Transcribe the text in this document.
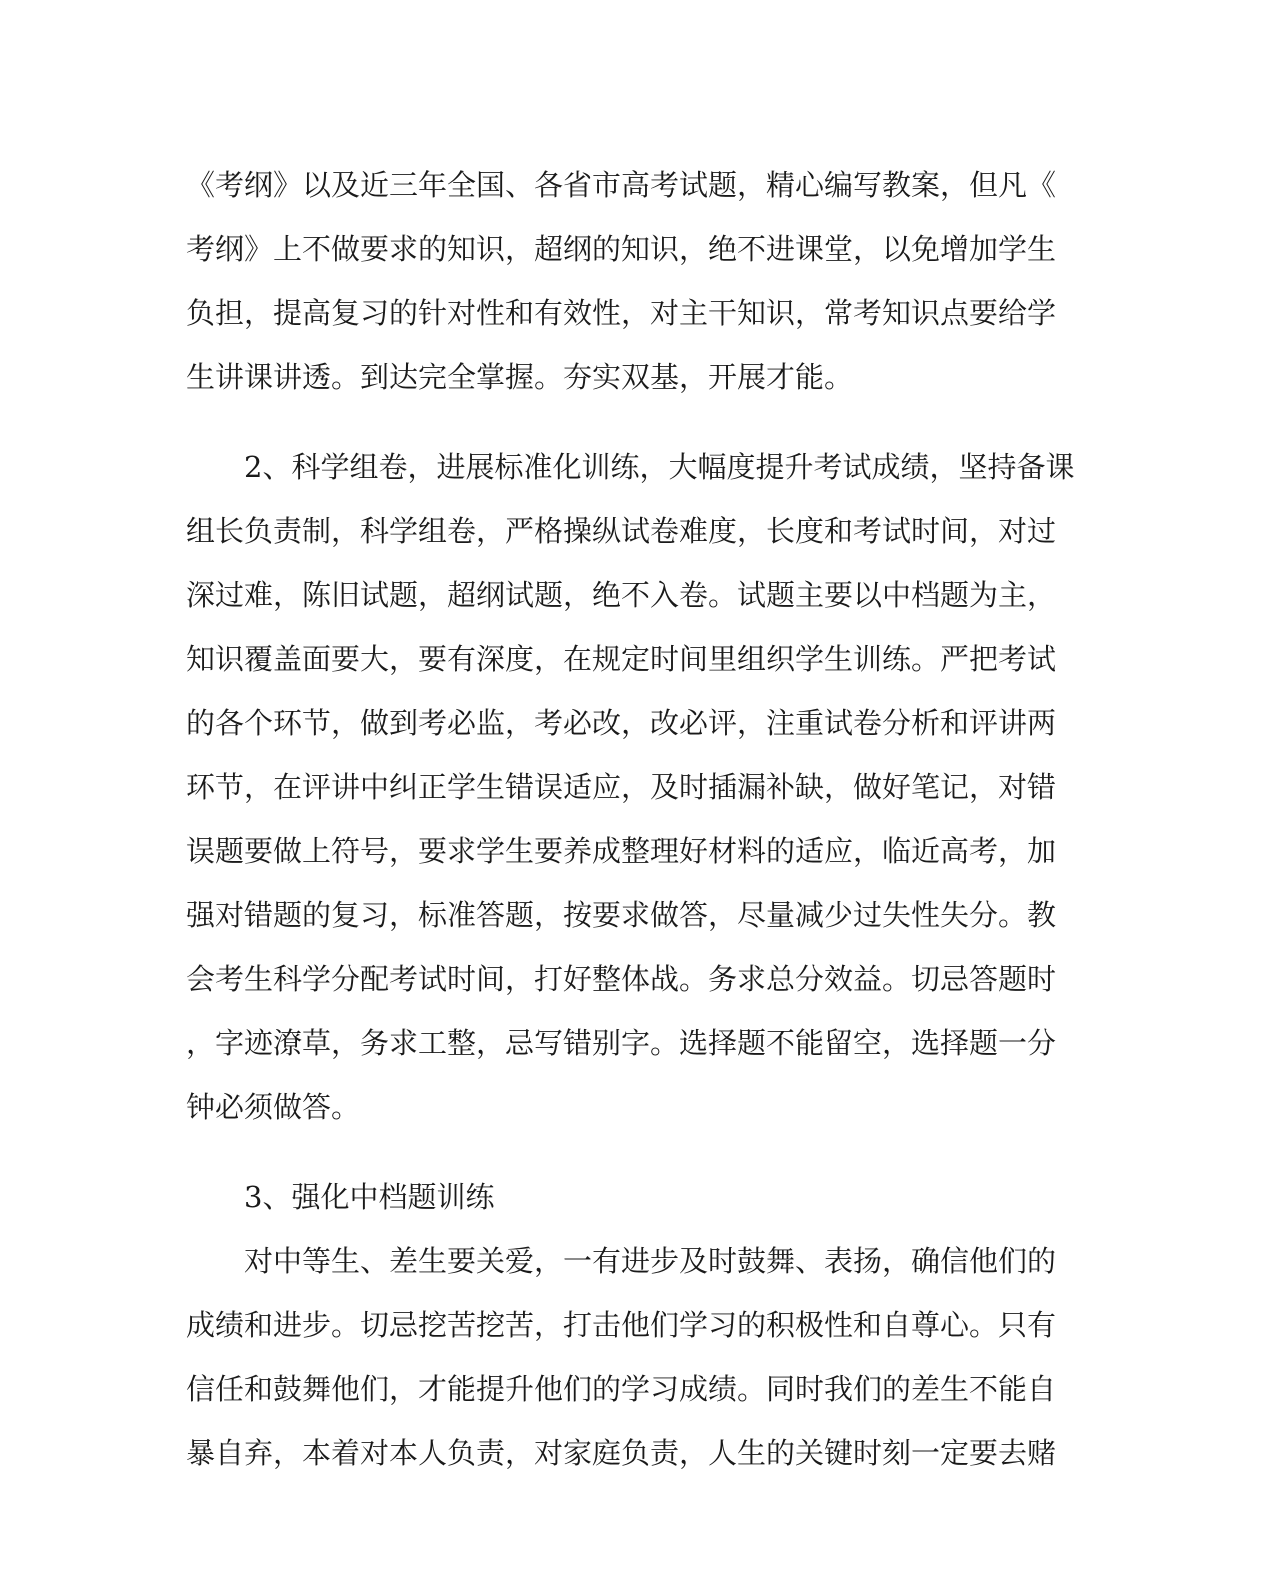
《考纲》以及近三年全国、各省市高考试题，精心编写教案，但凡《
考纲》上不做要求的知识，超纲的知识，绝不进课堂，以免增加学生
负担，提高复习的针对性和有效性，对主干知识，常考知识点要给学
生讲课讲透。到达完全掌握。夯实双基，开展才能。
2、科学组卷，进展标准化训练，大幅度提升考试成绩，坚持备课
组长负责制，科学组卷，严格操纵试卷难度，长度和考试时间，对过
深过难，陈旧试题，超纲试题，绝不入卷。试题主要以中档题为主，
知识覆盖面要大，要有深度，在规定时间里组织学生训练。严把考试
的各个环节，做到考必监，考必改，改必评，注重试卷分析和评讲两
环节，在评讲中纠正学生错误适应，及时插漏补缺，做好笔记，对错
误题要做上符号，要求学生要养成整理好材料的适应，临近高考，加
强对错题的复习，标准答题，按要求做答，尽量减少过失性失分。教
会考生科学分配考试时间，打好整体战。务求总分效益。切忌答题时
，字迹潦草，务求工整，忌写错别字。选择题不能留空，选择题一分
钟必须做答。
3、强化中档题训练
对中等生、差生要关爱，一有进步及时鼓舞、表扬，确信他们的
成绩和进步。切忌挖苦挖苦，打击他们学习的积极性和自尊心。只有
信任和鼓舞他们，才能提升他们的学习成绩。同时我们的差生不能自
暴自弃，本着对本人负责，对家庭负责，人生的关键时刻一定要去赌
